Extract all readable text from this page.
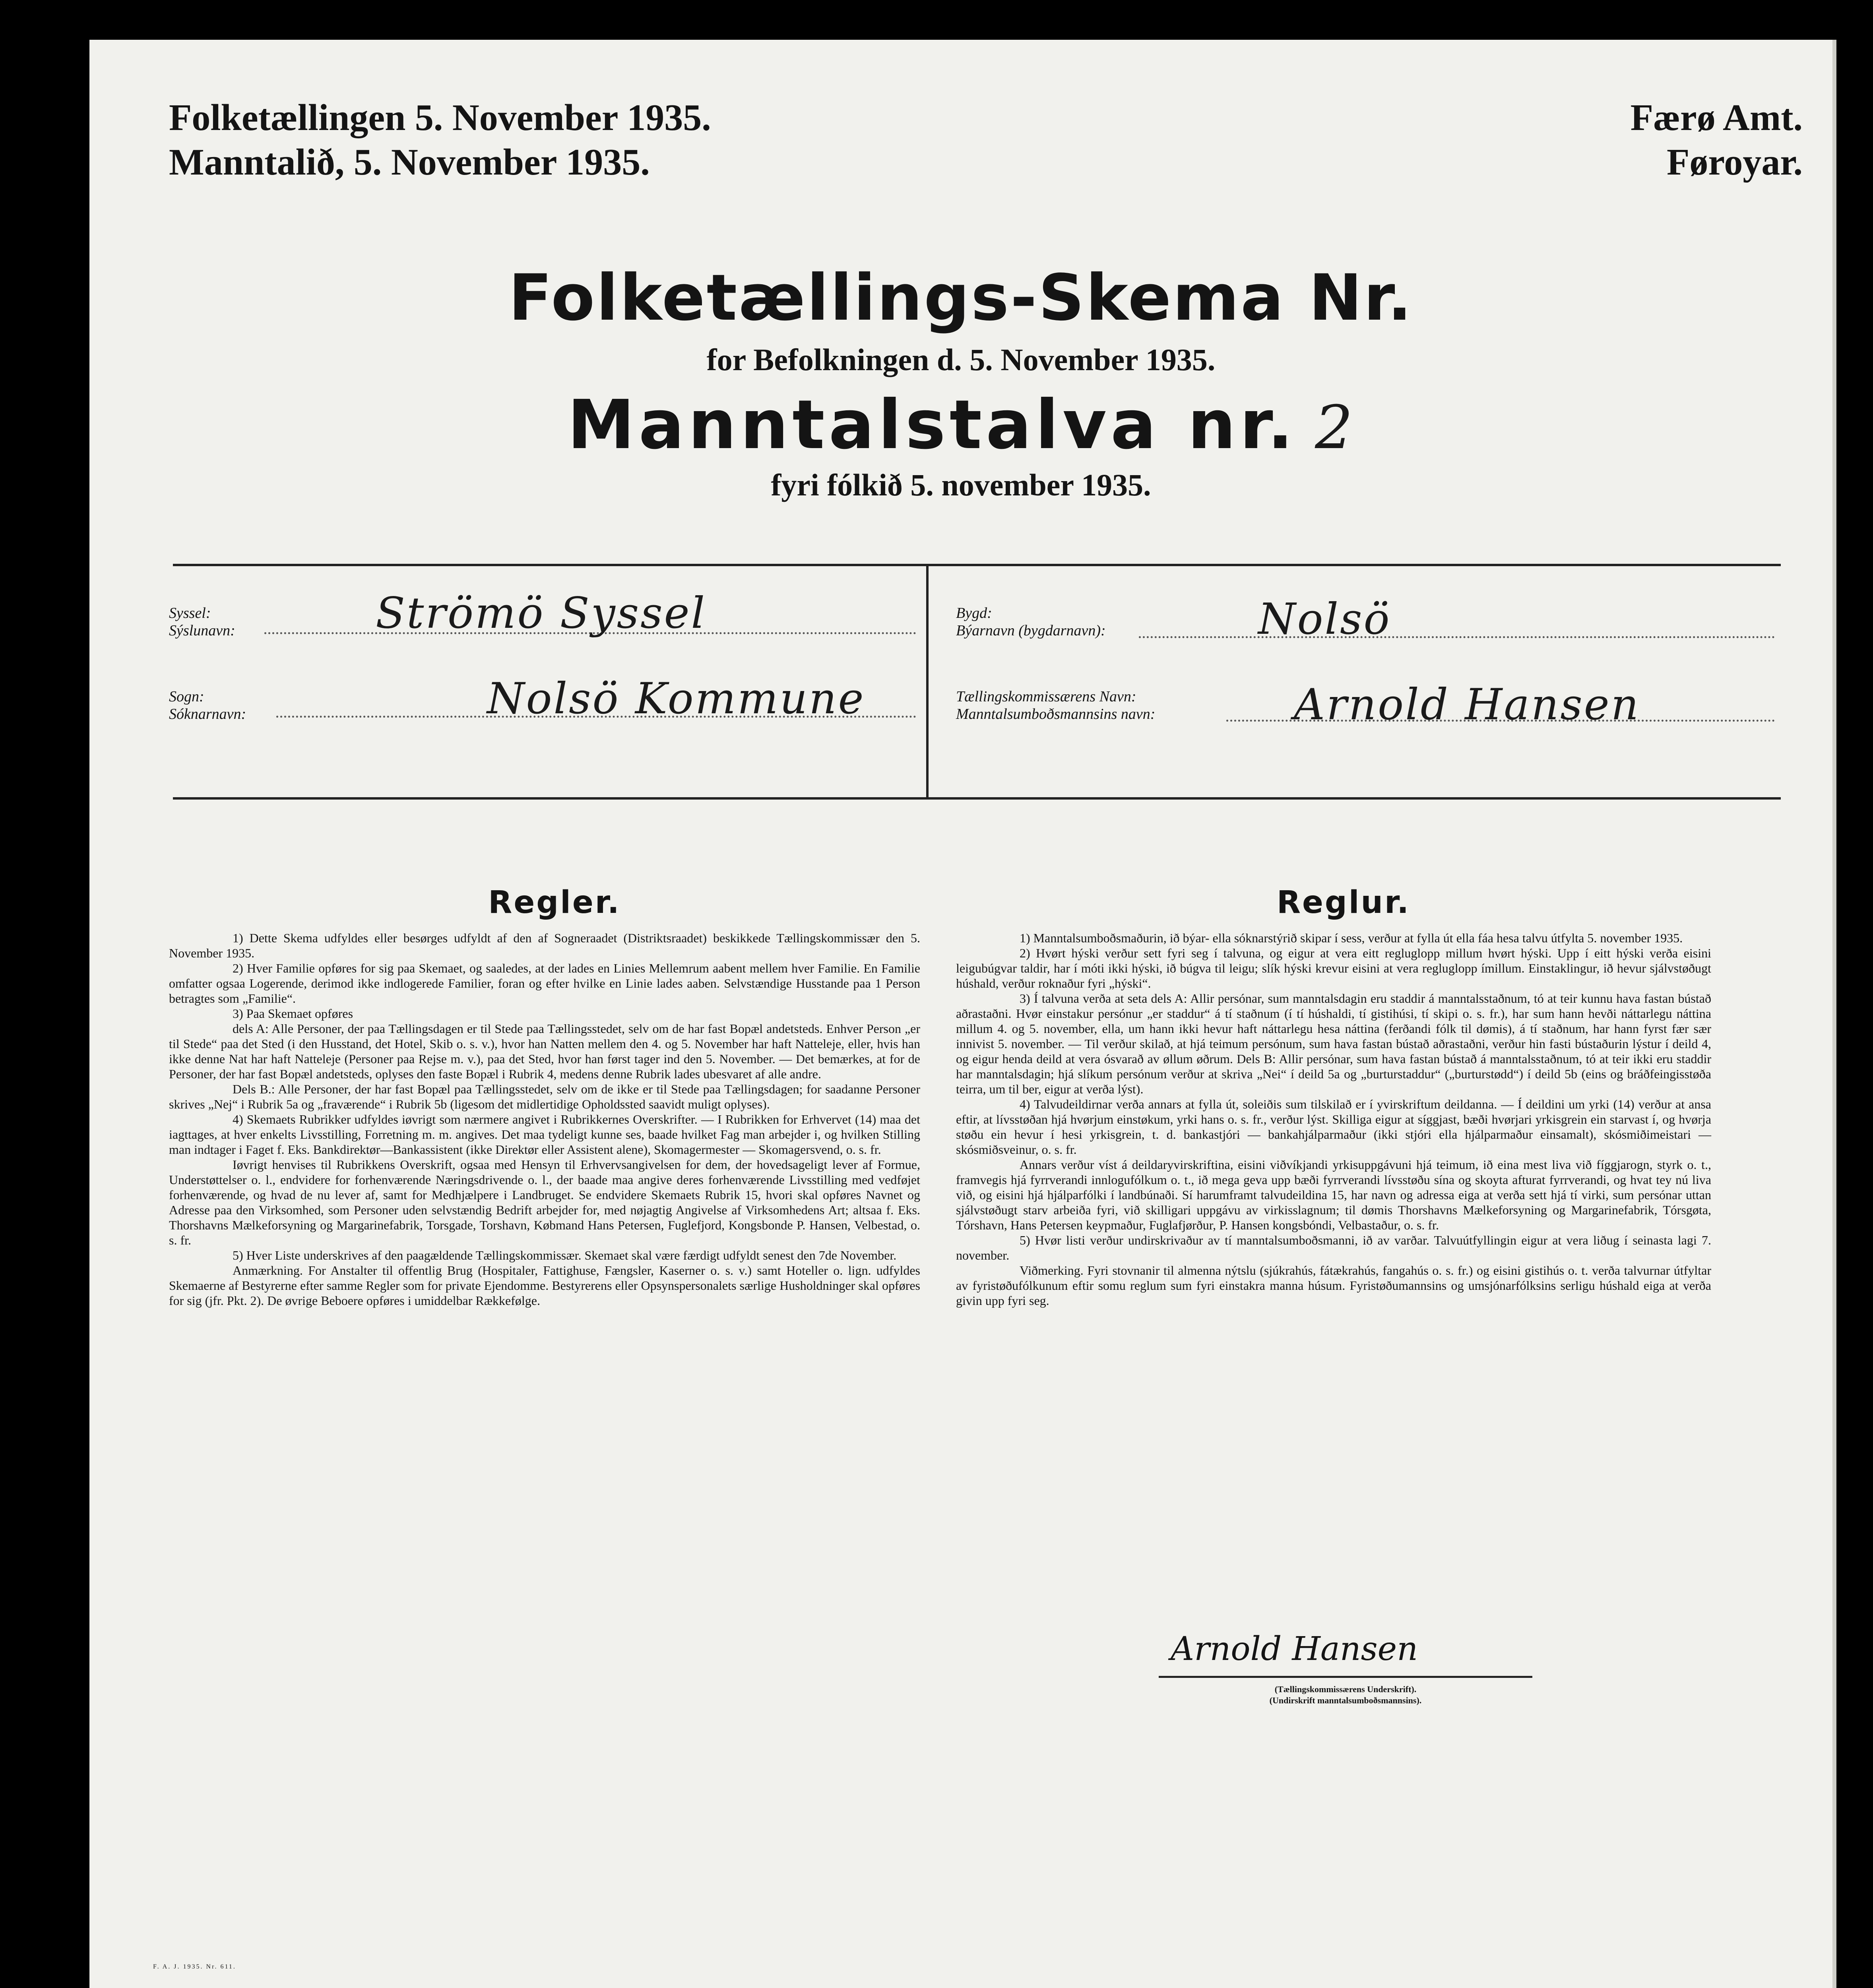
Folketællingen 5. November 1935.
Manntalið, 5. November 1935.
Færø Amt.
Føroyar.
Folketællings-Skema Nr.
for Befolkningen d. 5. November 1935.
Manntalstalva nr. 2
fyri fólkið 5. november 1935.
Syssel:
Sýslunavn:	Strömö Syssel
Sogn:
Sóknarnavn:	Nolsö Kommune
Bygd:
Býarnavn (bygdarnavn):	Nolsö
Tællingskommissærens Navn:
Manntalsumboðsmannsins navn:	Arnold Hansen
Regler.	Reglur.

1) Dette Skema udfyldes eller besørges udfyldt af den af Sogneraadet (Distriktsraadet) beskikkede Tællingskommissær den 5. November 1935.

2) Hver Familie opføres for sig paa Skemaet, og saaledes, at der lades en Linies Mellemrum aabent mellem hver Familie. En Familie omfatter ogsaa Logerende, derimod ikke indlogerede Familier, foran og efter hvilke en Linie lades aaben. Selvstændige Husstande paa 1 Person betragtes som „Familie“.

3) Paa Skemaet opføres

dels A: Alle Personer, der paa Tællingsdagen er til Stede paa Tællingsstedet, selv om de har fast Bopæl andetsteds. Enhver Person „er til Stede“ paa det Sted (i den Husstand, det Hotel, Skib o. s. v.), hvor han Natten mellem den 4. og 5. November har haft Natteleje, eller, hvis han ikke denne Nat har haft Natteleje (Personer paa Rejse m. v.), paa det Sted, hvor han først tager ind den 5. November. — Det bemærkes, at for de Personer, der har fast Bopæl andetsteds, oplyses den faste Bopæl i Rubrik 4, medens denne Rubrik lades ubesvaret af alle andre.

Dels B.: Alle Personer, der har fast Bopæl paa Tællingsstedet, selv om de ikke er til Stede paa Tællingsdagen; for saadanne Personer skrives „Nej“ i Rubrik 5a og „fraværende“ i Rubrik 5b (ligesom det midlertidige Opholdssted saavidt muligt oplyses).

4) Skemaets Rubrikker udfyldes iøvrigt som nærmere angivet i Rubrikkernes Overskrifter. — I Rubrikken for Erhvervet (14) maa det iagttages, at hver enkelts Livsstilling, Forretning m. m. angives. Det maa tydeligt kunne ses, baade hvilket Fag man arbejder i, og hvilken Stilling man indtager i Faget f. Eks. Bankdirektør—Bankassistent (ikke Direktør eller Assistent alene), Skomagermester — Skomagersvend, o. s. fr.

Iøvrigt henvises til Rubrikkens Overskrift, ogsaa med Hensyn til Erhvervsangivelsen for dem, der hovedsageligt lever af Formue, Understøttelser o. l., endvidere for forhenværende Næringsdrivende o. l., der baade maa angive deres forhenværende Livsstilling med vedføjet forhenværende, og hvad de nu lever af, samt for Medhjælpere i Landbruget. Se endvidere Skemaets Rubrik 15, hvori skal opføres Navnet og Adresse paa den Virksomhed, som Personer uden selvstændig Bedrift arbejder for, med nøjagtig Angivelse af Virksomhedens Art; altsaa f. Eks. Thorshavns Mælkeforsyning og Margarinefabrik, Torsgade, Torshavn, Købmand Hans Petersen, Fuglefjord, Kongsbonde P. Hansen, Velbestad, o. s. fr.

5) Hver Liste underskrives af den paagældende Tællingskommissær. Skemaet skal være færdigt udfyldt senest den 7de November.

Anmærkning. For Anstalter til offentlig Brug (Hospitaler, Fattighuse, Fængsler, Kaserner o. s. v.) samt Hoteller o. lign. udfyldes Skemaerne af Bestyrerne efter samme Regler som for private Ejendomme. Bestyrerens eller Opsynspersonalets særlige Husholdninger skal opføres for sig (jfr. Pkt. 2). De øvrige Beboere opføres i umiddelbar Rækkefølge.

1) Manntalsumboðsmaðurin, ið býar- ella sóknarstýrið skipar í sess, verður at fylla út ella fáa hesa talvu útfylta 5. november 1935.

2) Hvørt hýski verður sett fyri seg í talvuna, og eigur at vera eitt regluglopp millum hvørt hýski. Upp í eitt hýski verða eisini leigubúgvar taldir, har í móti ikki hýski, ið búgva til leigu; slík hýski krevur eisini at vera regluglopp ímillum. Einstaklingur, ið hevur sjálvstøðugt húshald, verður roknaður fyri „hýski“.

3) Í talvuna verða at seta dels A: Allir persónar, sum manntalsdagin eru staddir á manntalsstaðnum, tó at teir kunnu hava fastan bústað aðrastaðni. Hvør einstakur persónur „er staddur“ á tí staðnum (í tí húshaldi, tí gistihúsi, tí skipi o. s. fr.), har sum hann hevði náttarlegu náttina millum 4. og 5. november, ella, um hann ikki hevur haft náttarlegu hesa náttina (ferðandi fólk til dømis), á tí staðnum, har hann fyrst fær sær innivist 5. november. — Til verður skilað, at hjá teimum persónum, sum hava fastan bústað aðrastaðni, verður hin fasti bústaðurin lýstur í deild 4, og eigur henda deild at vera ósvarað av øllum øðrum. Dels B: Allir persónar, sum hava fastan bústað á manntalsstaðnum, tó at teir ikki eru staddir har manntalsdagin; hjá slíkum persónum verður at skriva „Nei“ í deild 5a og „burturstaddur“ („burturstødd“) í deild 5b (eins og bráðfeingisstøða teirra, um til ber, eigur at verða lýst).

4) Talvudeildirnar verða annars at fylla út, soleiðis sum tilskilað er í yvirskriftum deildanna. — Í deildini um yrki (14) verður at ansa eftir, at lívsstøðan hjá hvørjum einstøkum, yrki hans o. s. fr., verður lýst. Skilliga eigur at síggjast, bæði hvørjari yrkisgrein ein starvast í, og hvørja støðu ein hevur í hesi yrkisgrein, t. d. bankastjóri — bankahjálparmaður (ikki stjóri ella hjálparmaður einsamalt), skósmiðimeistari — skósmiðsveinur, o. s. fr.

Annars verður víst á deildaryvirskriftina, eisini viðvíkjandi yrkisuppgávuni hjá teimum, ið eina mest liva við fíggjarogn, styrk o. t., framvegis hjá fyrrverandi innlogufólkum o. t., ið mega geva upp bæði fyrrverandi lívsstøðu sína og skoyta afturat fyrrverandi, og hvat tey nú liva við, og eisini hjá hjálparfólki í landbúnaði. Sí harumframt talvudeildina 15, har navn og adressa eiga at verða sett hjá tí virki, sum persónar uttan sjálvstøðugt starv arbeiða fyri, við skilligari uppgávu av virkisslagnum; til dømis Thorshavns Mælkeforsyning og Margarinefabrik, Tórsgøta, Tórshavn, Hans Petersen keypmaður, Fuglafjørður, P. Hansen kongsbóndi, Velbastaður, o. s. fr.

5) Hvør listi verður undirskrivaður av tí manntalsumboðsmanni, ið av varðar. Talvuútfyllingin eigur at vera liðug í seinasta lagi 7. november.

Viðmerking. Fyri stovnanir til almenna nýtslu (sjúkrahús, fátækrahús, fangahús o. s. fr.) og eisini gistihús o. t. verða talvurnar útfyltar av fyristøðufólkunum eftir somu reglum sum fyri einstakra manna húsum. Fyristøðumannsins og umsjónarfólksins serligu húshald eiga at verða givin upp fyri seg.

Arnold Hansen
(Tællingskommissærens Underskrift).
(Undirskrift manntalsumboðsmannsins).
F. A. J. 1935. Nr. 611.
